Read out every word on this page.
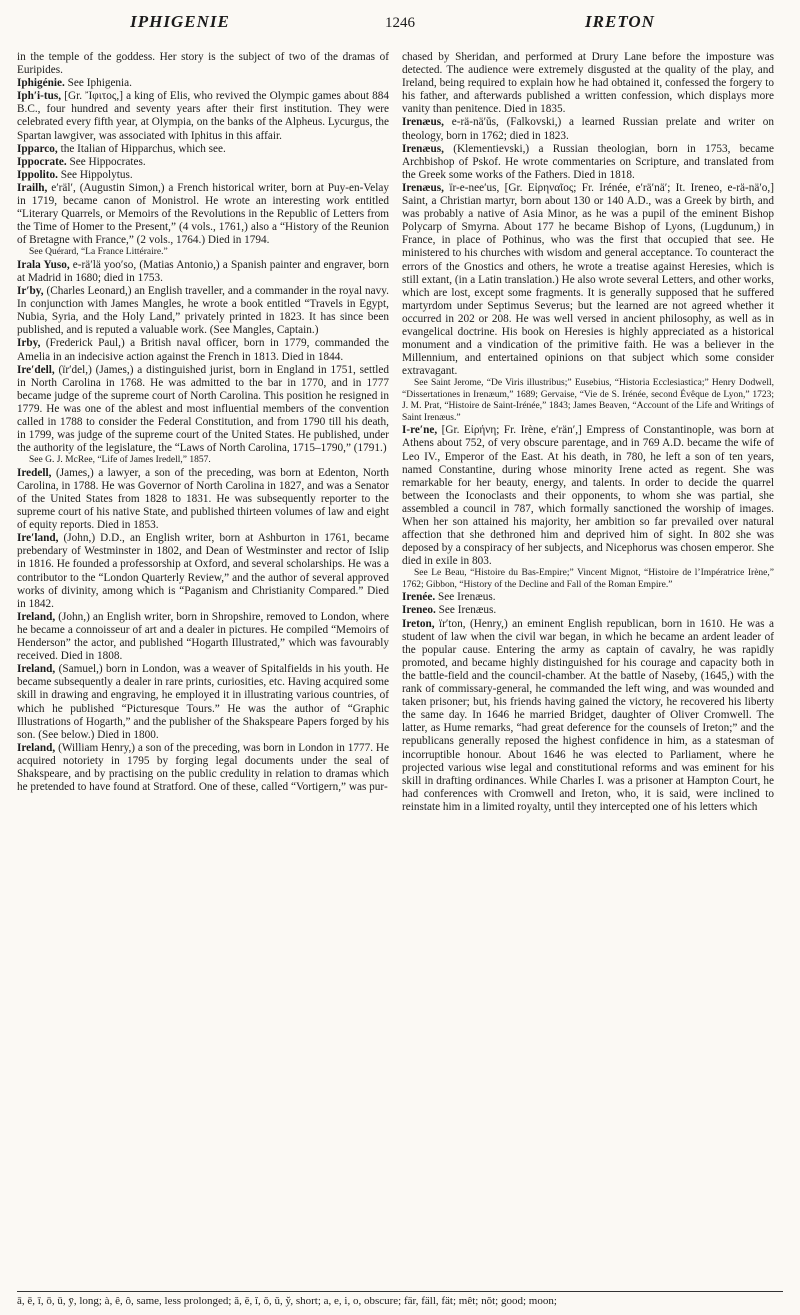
IPHIGENIE	1246	IRETON

in the temple of the goddess. Her story is the subject of two of the dramas of Euripides.

Iphigénie. See Iphigenia.

Iph′i-tus, [Gr. Ἴφιτος,] a king of Elis, who revived the Olympic games about 884 B.C., four hundred and seventy years after their first institution. They were celebrated every fifth year, at Olympia, on the banks of the Alpheus. Lycurgus, the Spartan lawgiver, was associated with Iphitus in this affair.

Ipparco, the Italian of Hipparchus, which see.

Ippocrate. See Hippocrates.

Ippolito. See Hippolytus.

Irailh, e′räl′, (Augustin Simon,) a French historical writer, born at Puy-en-Velay in 1719, became canon of Monistrol. He wrote an interesting work entitled “Literary Quarrels, or Memoirs of the Revolutions in the Republic of Letters from the Time of Homer to the Present,” (4 vols., 1761,) also a “History of the Reunion of Bretagne with France,” (2 vols., 1764.) Died in 1794.

See Quérard, “La France Littéraire.”

Irala Yuso, e-rä′lä yoo′so, (Matias Antonio,) a Spanish painter and engraver, born at Madrid in 1680; died in 1753.

Ir′by, (Charles Leonard,) an English traveller, and a commander in the royal navy. In conjunction with James Mangles, he wrote a book entitled “Travels in Egypt, Nubia, Syria, and the Holy Land,” privately printed in 1823. It has since been published, and is reputed a valuable work. (See Mangles, Captain.)

Irby, (Frederick Paul,) a British naval officer, born in 1779, commanded the Amelia in an indecisive action against the French in 1813. Died in 1844.

Ire′dell, (ïr′del,) (James,) a distinguished jurist, born in England in 1751, settled in North Carolina in 1768. He was admitted to the bar in 1770, and in 1777 became judge of the supreme court of North Carolina. This position he resigned in 1779. He was one of the ablest and most influential members of the convention called in 1788 to consider the Federal Constitution, and from 1790 till his death, in 1799, was judge of the supreme court of the United States. He published, under the authority of the legislature, the “Laws of North Carolina, 1715–1790,” (1791.)

See G. J. McRee, “Life of James Iredell,” 1857.

Iredell, (James,) a lawyer, a son of the preceding, was born at Edenton, North Carolina, in 1788. He was Governor of North Carolina in 1827, and was a Senator of the United States from 1828 to 1831. He was subsequently reporter to the supreme court of his native State, and published thirteen volumes of law and eight of equity reports. Died in 1853.

Ire′land, (John,) D.D., an English writer, born at Ashburton in 1761, became prebendary of Westminster in 1802, and Dean of Westminster and rector of Islip in 1816. He founded a professorship at Oxford, and several scholarships. He was a contributor to the “London Quarterly Review,” and the author of several approved works of divinity, among which is “Paganism and Christianity Compared.” Died in 1842.

Ireland, (John,) an English writer, born in Shropshire, removed to London, where he became a connoisseur of art and a dealer in pictures. He compiled “Memoirs of Henderson” the actor, and published “Hogarth Illustrated,” which was favourably received. Died in 1808.

Ireland, (Samuel,) born in London, was a weaver of Spitalfields in his youth. He became subsequently a dealer in rare prints, curiosities, etc. Having acquired some skill in drawing and engraving, he employed it in illustrating various countries, of which he published “Picturesque Tours.” He was the author of “Graphic Illustrations of Hogarth,” and the publisher of the Shakspeare Papers forged by his son. (See below.) Died in 1800.

Ireland, (William Henry,) a son of the preceding, was born in London in 1777. He acquired notoriety in 1795 by forging legal documents under the seal of Shakspeare, and by practising on the public credulity in relation to dramas which he pretended to have found at Stratford. One of these, called “Vortigern,” was pur-

chased by Sheridan, and performed at Drury Lane before the imposture was detected. The audience were extremely disgusted at the quality of the play, and Ireland, being required to explain how he had obtained it, confessed the forgery to his father, and afterwards published a written confession, which displays more vanity than penitence. Died in 1835.

Irenæus, e-rä-nä′ŭs, (Falkovski,) a learned Russian prelate and writer on theology, born in 1762; died in 1823.

Irenæus, (Klementievski,) a Russian theologian, born in 1753, became Archbishop of Pskof. He wrote commentaries on Scripture, and translated from the Greek some works of the Fathers. Died in 1818.

Irenæus, ïr-e-nee′us, [Gr. Εἰρηναῖος; Fr. Irénée, e′rä′nä′; It. Ireneo, e-rä-nä′o,] Saint, a Christian martyr, born about 130 or 140 A.D., was a Greek by birth, and was probably a native of Asia Minor, as he was a pupil of the eminent Bishop Polycarp of Smyrna. About 177 he became Bishop of Lyons, (Lugdunum,) in France, in place of Pothinus, who was the first that occupied that see. He ministered to his churches with wisdom and general acceptance. To counteract the errors of the Gnostics and others, he wrote a treatise against Heresies, which is still extant, (in a Latin translation.) He also wrote several Letters, and other works, which are lost, except some fragments. It is generally supposed that he suffered martyrdom under Septimus Severus; but the learned are not agreed whether it occurred in 202 or 208. He was well versed in ancient philosophy, as well as in evangelical doctrine. His book on Heresies is highly appreciated as a historical monument and a vindication of the primitive faith. He was a believer in the Millennium, and entertained opinions on that subject which some consider extravagant.

See Saint Jerome, “De Viris illustribus;” Eusebius, “Historia Ecclesiastica;” Henry Dodwell, “Dissertationes in Irenæum,” 1689; Gervaise, “Vie de S. Irénée, second Évêque de Lyon,” 1723; J. M. Prat, “Histoire de Saint-Irénée,” 1843; James Beaven, “Account of the Life and Writings of Saint Irenæus.”

I-re′ne, [Gr. Εἰρήνη; Fr. Irène, e′rän′,] Empress of Constantinople, was born at Athens about 752, of very obscure parentage, and in 769 A.D. became the wife of Leo IV., Emperor of the East. At his death, in 780, he left a son of ten years, named Constantine, during whose minority Irene acted as regent. She was remarkable for her beauty, energy, and talents. In order to decide the quarrel between the Iconoclasts and their opponents, to whom she was partial, she assembled a council in 787, which formally sanctioned the worship of images. When her son attained his majority, her ambition so far prevailed over natural affection that she dethroned him and deprived him of sight. In 802 she was deposed by a conspiracy of her subjects, and Nicephorus was chosen emperor. She died in exile in 803.

See Le Beau, “Histoire du Bas-Empire;” Vincent Mignot, “Histoire de l’Impératrice Irène,” 1762; Gibbon, “History of the Decline and Fall of the Roman Empire.”

Irenée. See Irenæus.

Ireneo. See Irenæus.

Ireton, ïr′ton, (Henry,) an eminent English republican, born in 1610. He was a student of law when the civil war began, in which he became an ardent leader of the popular cause. Entering the army as captain of cavalry, he was rapidly promoted, and became highly distinguished for his courage and capacity both in the battle-field and the council-chamber. At the battle of Naseby, (1645,) with the rank of commissary-general, he commanded the left wing, and was wounded and taken prisoner; but, his friends having gained the victory, he recovered his liberty the same day. In 1646 he married Bridget, daughter of Oliver Cromwell. The latter, as Hume remarks, “had great deference for the counsels of Ireton;” and the republicans generally reposed the highest confidence in him, as a statesman of incorruptible honour. About 1646 he was elected to Parliament, where he projected various wise legal and constitutional reforms and was eminent for his skill in drafting ordinances. While Charles I. was a prisoner at Hampton Court, he had conferences with Cromwell and Ireton, who, it is said, were inclined to reinstate him in a limited royalty, until they intercepted one of his letters which

ā, ē, ī, ō, ū, ȳ, long; à, ê, ô, same, less prolonged; ă, ĕ, ĭ, ŏ, ŭ, y̆, short; a, e, i, o, obscure; fär, fäll, fät; mêt; nŏt; good; moon;
